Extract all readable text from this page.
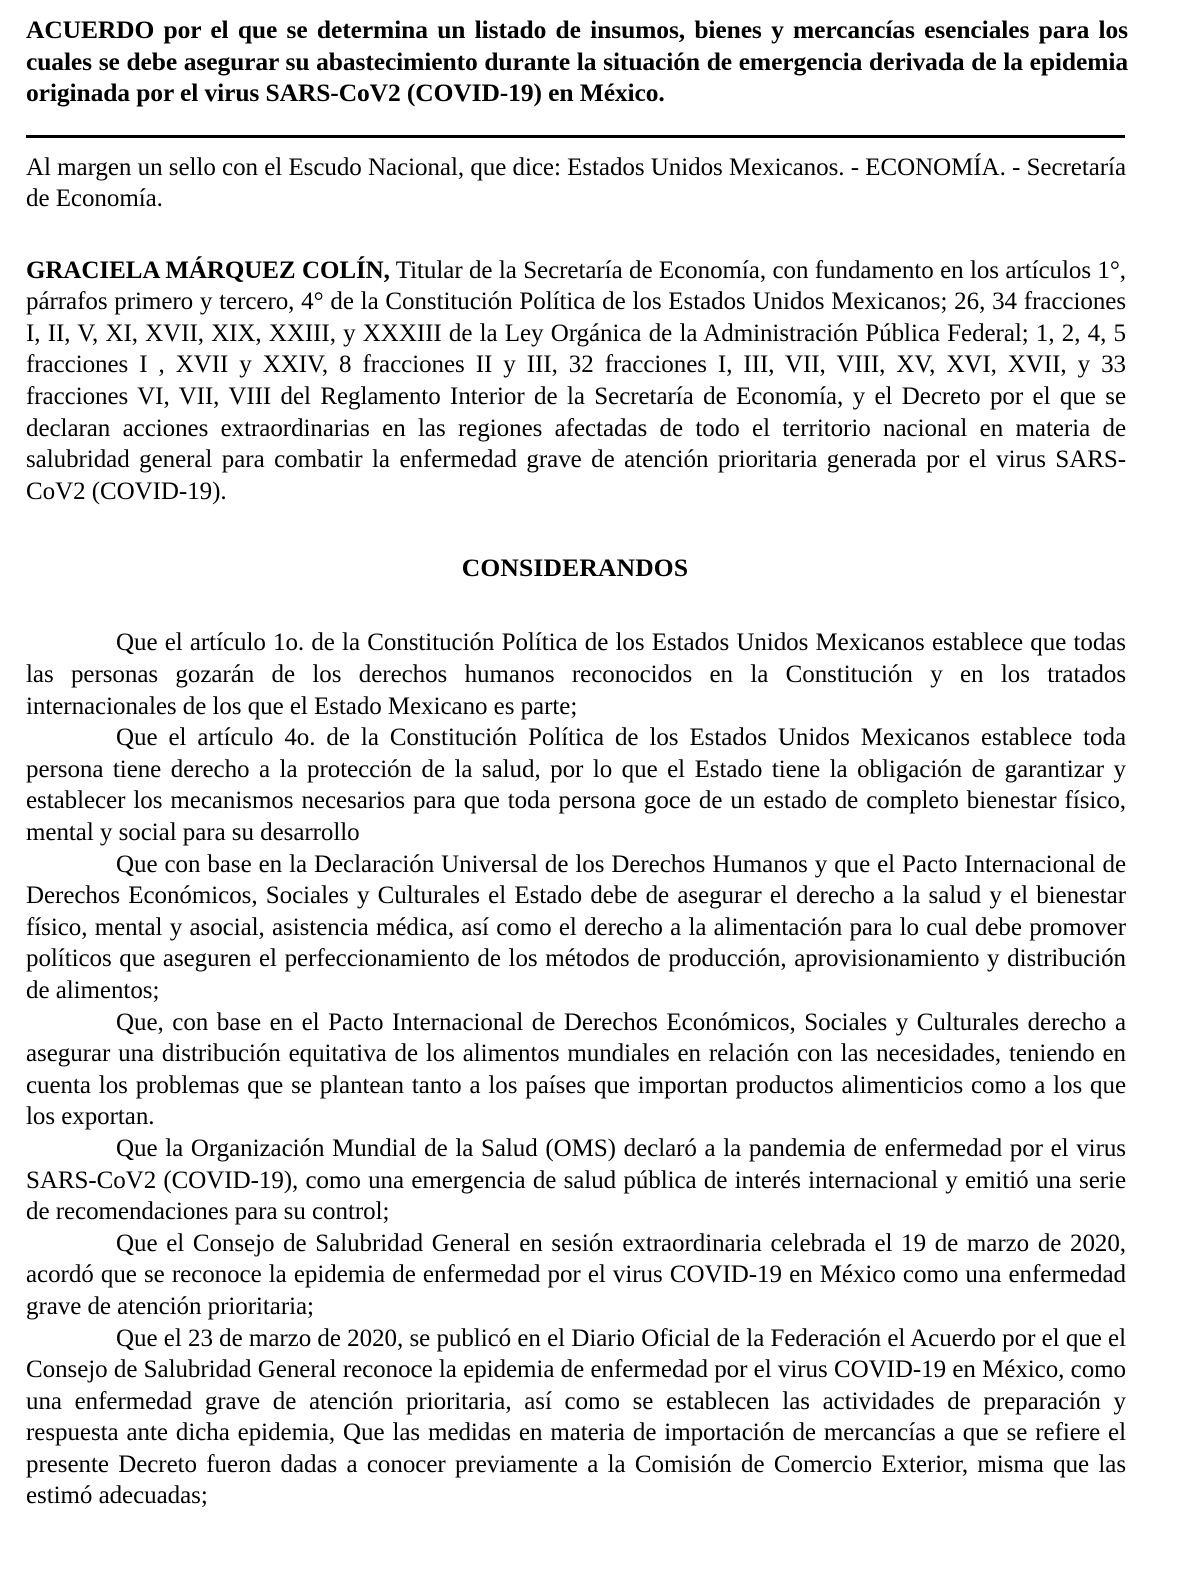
ACUERDO por el que se determina un listado de insumos, bienes y mercancías esenciales para los cuales se debe asegurar su abastecimiento durante la situación de emergencia derivada de la epidemia originada por el virus SARS-CoV2 (COVID-19) en México.

Al margen un sello con el Escudo Nacional, que dice: Estados Unidos Mexicanos. - ECONOMÍA. - Secretaría de Economía.

GRACIELA MÁRQUEZ COLÍN, Titular de la Secretaría de Economía, con fundamento en los artículos 1°, párrafos primero y tercero, 4° de la Constitución Política de los Estados Unidos Mexicanos; 26, 34 fracciones I, II, V, XI, XVII, XIX, XXIII, y XXXIII de la Ley Orgánica de la Administración Pública Federal; 1, 2, 4, 5 fracciones I , XVII y XXIV, 8 fracciones II y III, 32 fracciones I, III, VII, VIII, XV, XVI, XVII, y 33 fracciones VI, VII, VIII del Reglamento Interior de la Secretaría de Economía, y el Decreto por el que se declaran acciones extraordinarias en las regiones afectadas de todo el territorio nacional en materia de salubridad general para combatir la enfermedad grave de atención prioritaria generada por el virus SARS-CoV2 (COVID-19).

CONSIDERANDOS

Que el artículo 1o. de la Constitución Política de los Estados Unidos Mexicanos establece que todas las personas gozarán de los derechos humanos reconocidos en la Constitución y en los tratados internacionales de los que el Estado Mexicano es parte;

Que el artículo 4o. de la Constitución Política de los Estados Unidos Mexicanos establece toda persona tiene derecho a la protección de la salud, por lo que el Estado tiene la obligación de garantizar y establecer los mecanismos necesarios para que toda persona goce de un estado de completo bienestar físico, mental y social para su desarrollo

Que con base en la Declaración Universal de los Derechos Humanos y que el Pacto Internacional de Derechos Económicos, Sociales y Culturales el Estado debe de asegurar el derecho a la salud y el bienestar físico, mental y asocial, asistencia médica, así como el derecho a la alimentación para lo cual debe promover políticos que aseguren el perfeccionamiento de los métodos de producción, aprovisionamiento y distribución de alimentos;

Que, con base en el Pacto Internacional de Derechos Económicos, Sociales y Culturales derecho a asegurar una distribución equitativa de los alimentos mundiales en relación con las necesidades, teniendo en cuenta los problemas que se plantean tanto a los países que importan productos alimenticios como a los que los exportan.

Que la Organización Mundial de la Salud (OMS) declaró a la pandemia de enfermedad por el virus SARS-CoV2 (COVID-19), como una emergencia de salud pública de interés internacional y emitió una serie de recomendaciones para su control;

Que el Consejo de Salubridad General en sesión extraordinaria celebrada el 19 de marzo de 2020, acordó que se reconoce la epidemia de enfermedad por el virus COVID-19 en México como una enfermedad grave de atención prioritaria;

Que el 23 de marzo de 2020, se publicó en el Diario Oficial de la Federación el Acuerdo por el que el Consejo de Salubridad General reconoce la epidemia de enfermedad por el virus COVID-19 en México, como una enfermedad grave de atención prioritaria, así como se establecen las actividades de preparación y respuesta ante dicha epidemia, Que las medidas en materia de importación de mercancías a que se refiere el presente Decreto fueron dadas a conocer previamente a la Comisión de Comercio Exterior, misma que las estimó adecuadas;
